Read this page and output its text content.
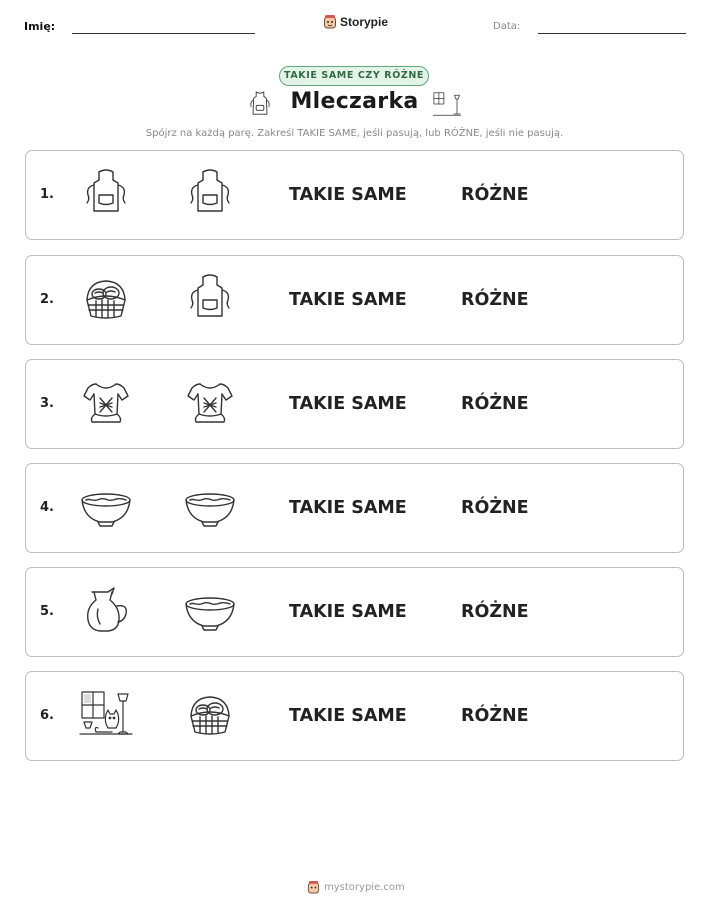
Imię:	Storypie	Data:
TAKIE SAME CZY RÓŻNE
Mleczarka
Spójrz na każdą parę. Zakreśl TAKIE SAME, jeśli pasują, lub RÓŻNE, jeśli nie pasują.
1.	TAKIE SAME	RÓŻNE
2.	TAKIE SAME	RÓŻNE
3.	TAKIE SAME	RÓŻNE
4.	TAKIE SAME	RÓŻNE
5.	TAKIE SAME	RÓŻNE
6.	TAKIE SAME	RÓŻNE
mystorypie.com
